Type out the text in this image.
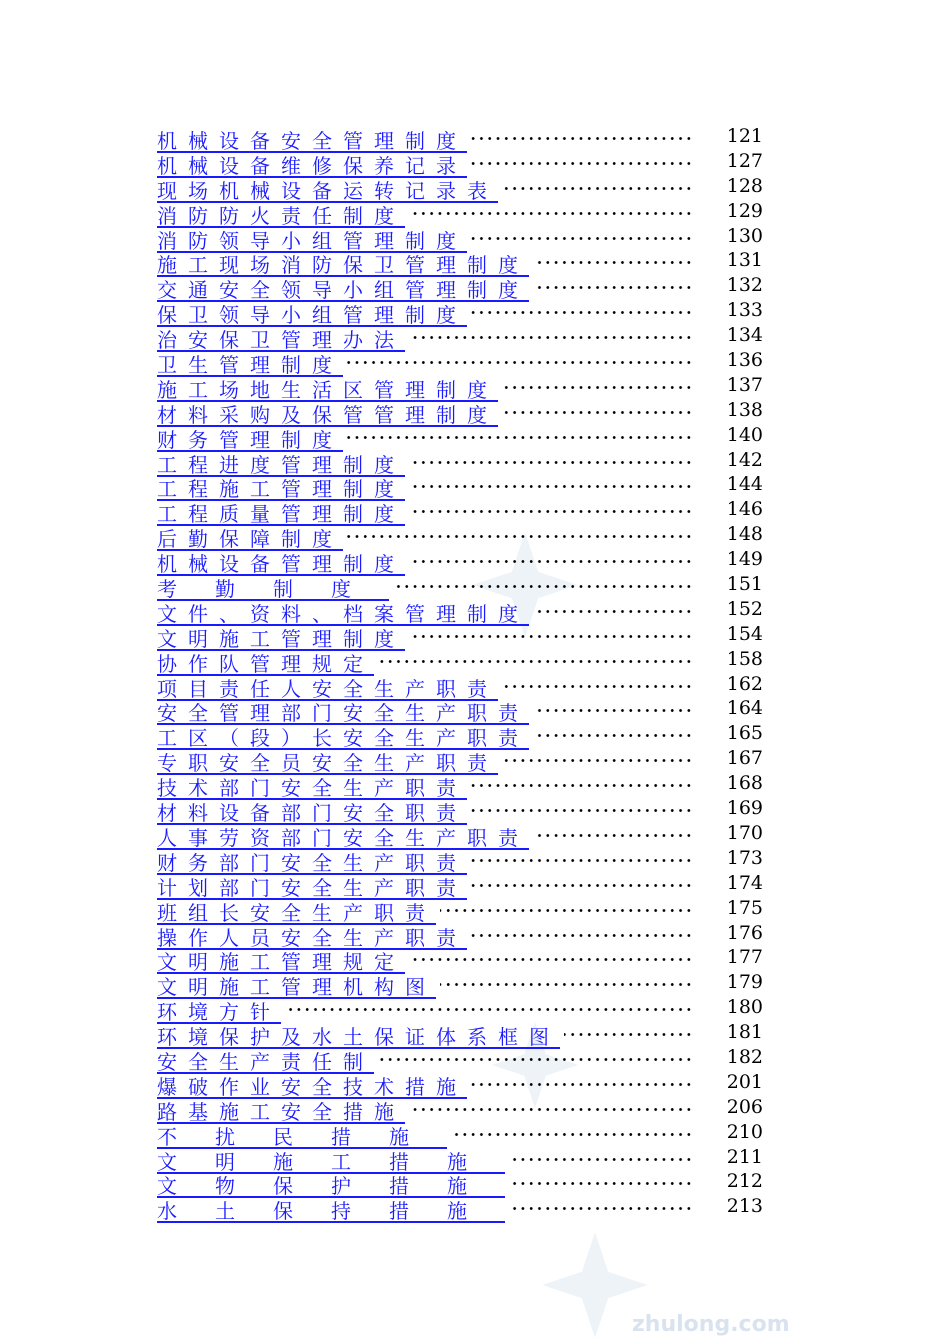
zhulong.com
机械设备安全管理制度	121
机械设备维修保养记录	127
现场机械设备运转记录表	128
消防防火责任制度	129
消防领导小组管理制度	130
施工现场消防保卫管理制度	131
交通安全领导小组管理制度	132
保卫领导小组管理制度	133
治安保卫管理办法	134
卫生管理制度	136
施工场地生活区管理制度	137
材料采购及保管管理制度	138
财务管理制度	140
工程进度管理制度	142
工程施工管理制度	144
工程质量管理制度	146
后勤保障制度	148
机械设备管理制度	149
考勤制度	151
文件、资料、档案管理制度	152
文明施工管理制度	154
协作队管理规定	158
项目责任人安全生产职责	162
安全管理部门安全生产职责	164
工区（段）长安全生产职责	165
专职安全员安全生产职责	167
技术部门安全生产职责	168
材料设备部门安全职责	169
人事劳资部门安全生产职责	170
财务部门安全生产职责	173
计划部门安全生产职责	174
班组长安全生产职责	175
操作人员安全生产职责	176
文明施工管理规定	177
文明施工管理机构图	179
环境方针	180
环境保护及水土保证体系框图	181
安全生产责任制	182
爆破作业安全技术措施	201
路基施工安全措施	206
不扰民措施	210
文明施工措施	211
文物保护措施	212
水土保持措施	213
